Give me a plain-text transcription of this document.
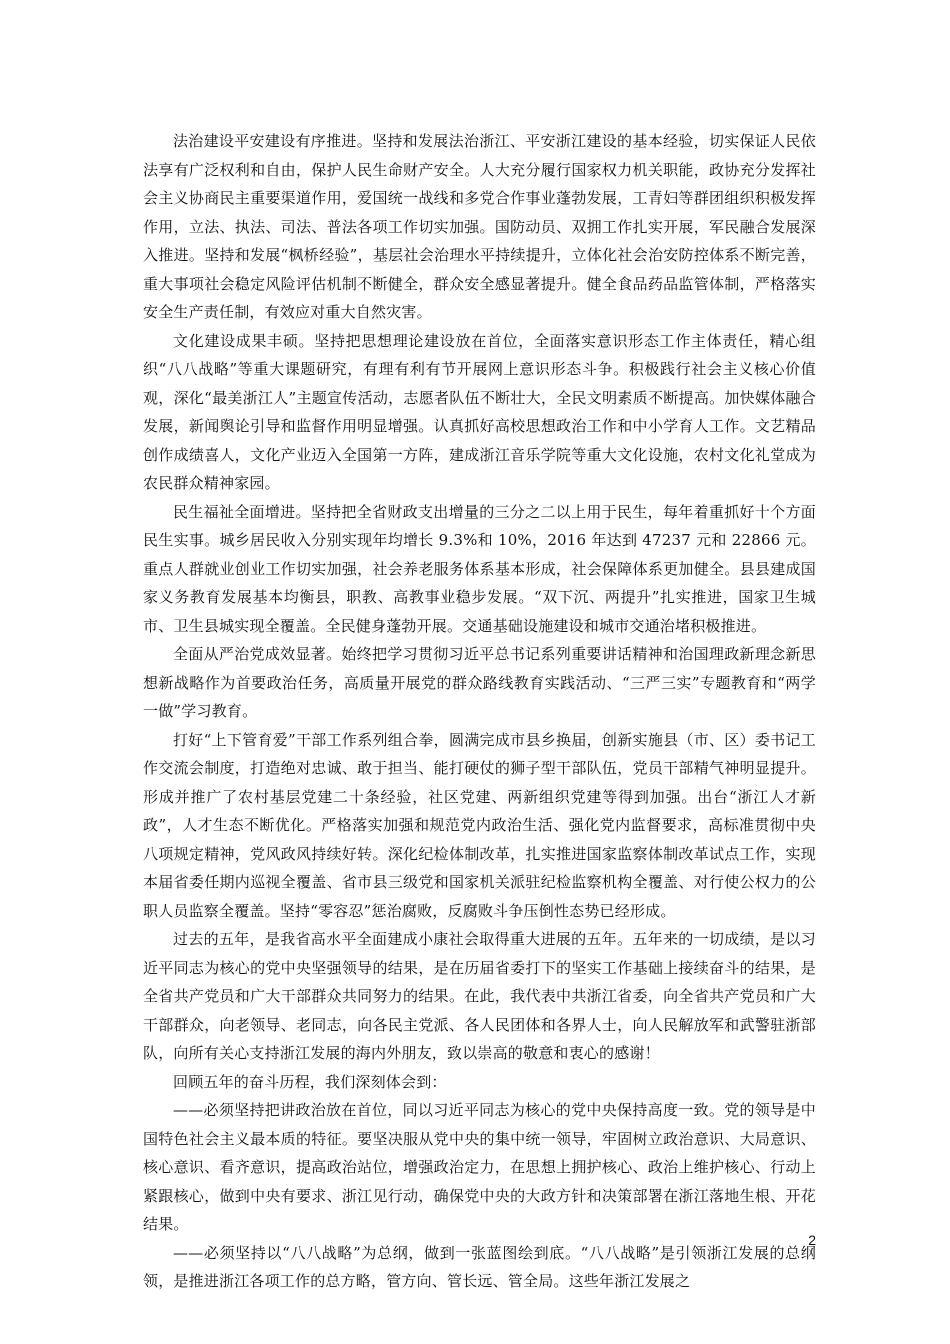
法治建设平安建设有序推进。坚持和发展法治浙江、平安浙江建设的基本经验，切实保证人民依法享有广泛权利和自由，保护人民生命财产安全。人大充分履行国家权力机关职能，政协充分发挥社会主义协商民主重要渠道作用，爱国统一战线和多党合作事业蓬勃发展，工青妇等群团组织积极发挥作用，立法、执法、司法、普法各项工作切实加强。国防动员、双拥工作扎实开展，军民融合发展深入推进。坚持和发展“枫桥经验”，基层社会治理水平持续提升，立体化社会治安防控体系不断完善，重大事项社会稳定风险评估机制不断健全，群众安全感显著提升。健全食品药品监管体制，严格落实安全生产责任制，有效应对重大自然灾害。

文化建设成果丰硕。坚持把思想理论建设放在首位，全面落实意识形态工作主体责任，精心组织“八八战略”等重大课题研究，有理有利有节开展网上意识形态斗争。积极践行社会主义核心价值观，深化“最美浙江人”主题宣传活动，志愿者队伍不断壮大，全民文明素质不断提高。加快媒体融合发展，新闻舆论引导和监督作用明显增强。认真抓好高校思想政治工作和中小学育人工作。文艺精品创作成绩喜人，文化产业迈入全国第一方阵，建成浙江音乐学院等重大文化设施，农村文化礼堂成为农民群众精神家园。

民生福祉全面增进。坚持把全省财政支出增量的三分之二以上用于民生，每年着重抓好十个方面民生实事。城乡居民收入分别实现年均增长 9.3%和 10%，2016 年达到 47237 元和 22866 元。重点人群就业创业工作切实加强，社会养老服务体系基本形成，社会保障体系更加健全。县县建成国家义务教育发展基本均衡县，职教、高教事业稳步发展。“双下沉、两提升”扎实推进，国家卫生城市、卫生县城实现全覆盖。全民健身蓬勃开展。交通基础设施建设和城市交通治堵积极推进。

全面从严治党成效显著。始终把学习贯彻习近平总书记系列重要讲话精神和治国理政新理念新思想新战略作为首要政治任务，高质量开展党的群众路线教育实践活动、“三严三实”专题教育和“两学一做”学习教育。

打好“上下管育爱”干部工作系列组合拳，圆满完成市县乡换届，创新实施县（市、区）委书记工作交流会制度，打造绝对忠诚、敢于担当、能打硬仗的狮子型干部队伍，党员干部精气神明显提升。形成并推广了农村基层党建二十条经验，社区党建、两新组织党建等得到加强。出台“浙江人才新政”，人才生态不断优化。严格落实加强和规范党内政治生活、强化党内监督要求，高标准贯彻中央八项规定精神，党风政风持续好转。深化纪检体制改革，扎实推进国家监察体制改革试点工作，实现本届省委任期内巡视全覆盖、省市县三级党和国家机关派驻纪检监察机构全覆盖、对行使公权力的公职人员监察全覆盖。坚持“零容忍”惩治腐败，反腐败斗争压倒性态势已经形成。

过去的五年，是我省高水平全面建成小康社会取得重大进展的五年。五年来的一切成绩，是以习近平同志为核心的党中央坚强领导的结果，是在历届省委打下的坚实工作基础上接续奋斗的结果，是全省共产党员和广大干部群众共同努力的结果。在此，我代表中共浙江省委，向全省共产党员和广大干部群众，向老领导、老同志，向各民主党派、各人民团体和各界人士，向人民解放军和武警驻浙部队，向所有关心支持浙江发展的海内外朋友，致以崇高的敬意和衷心的感谢！

回顾五年的奋斗历程，我们深刻体会到：

——必须坚持把讲政治放在首位，同以习近平同志为核心的党中央保持高度一致。党的领导是中国特色社会主义最本质的特征。要坚决服从党中央的集中统一领导，牢固树立政治意识、大局意识、核心意识、看齐意识，提高政治站位，增强政治定力，在思想上拥护核心、政治上维护核心、行动上紧跟核心，做到中央有要求、浙江见行动，确保党中央的大政方针和决策部署在浙江落地生根、开花结果。

——必须坚持以“八八战略”为总纲，做到一张蓝图绘到底。“八八战略”是引领浙江发展的总纲领，是推进浙江各项工作的总方略，管方向、管长远、管全局。这些年浙江发展之

2
